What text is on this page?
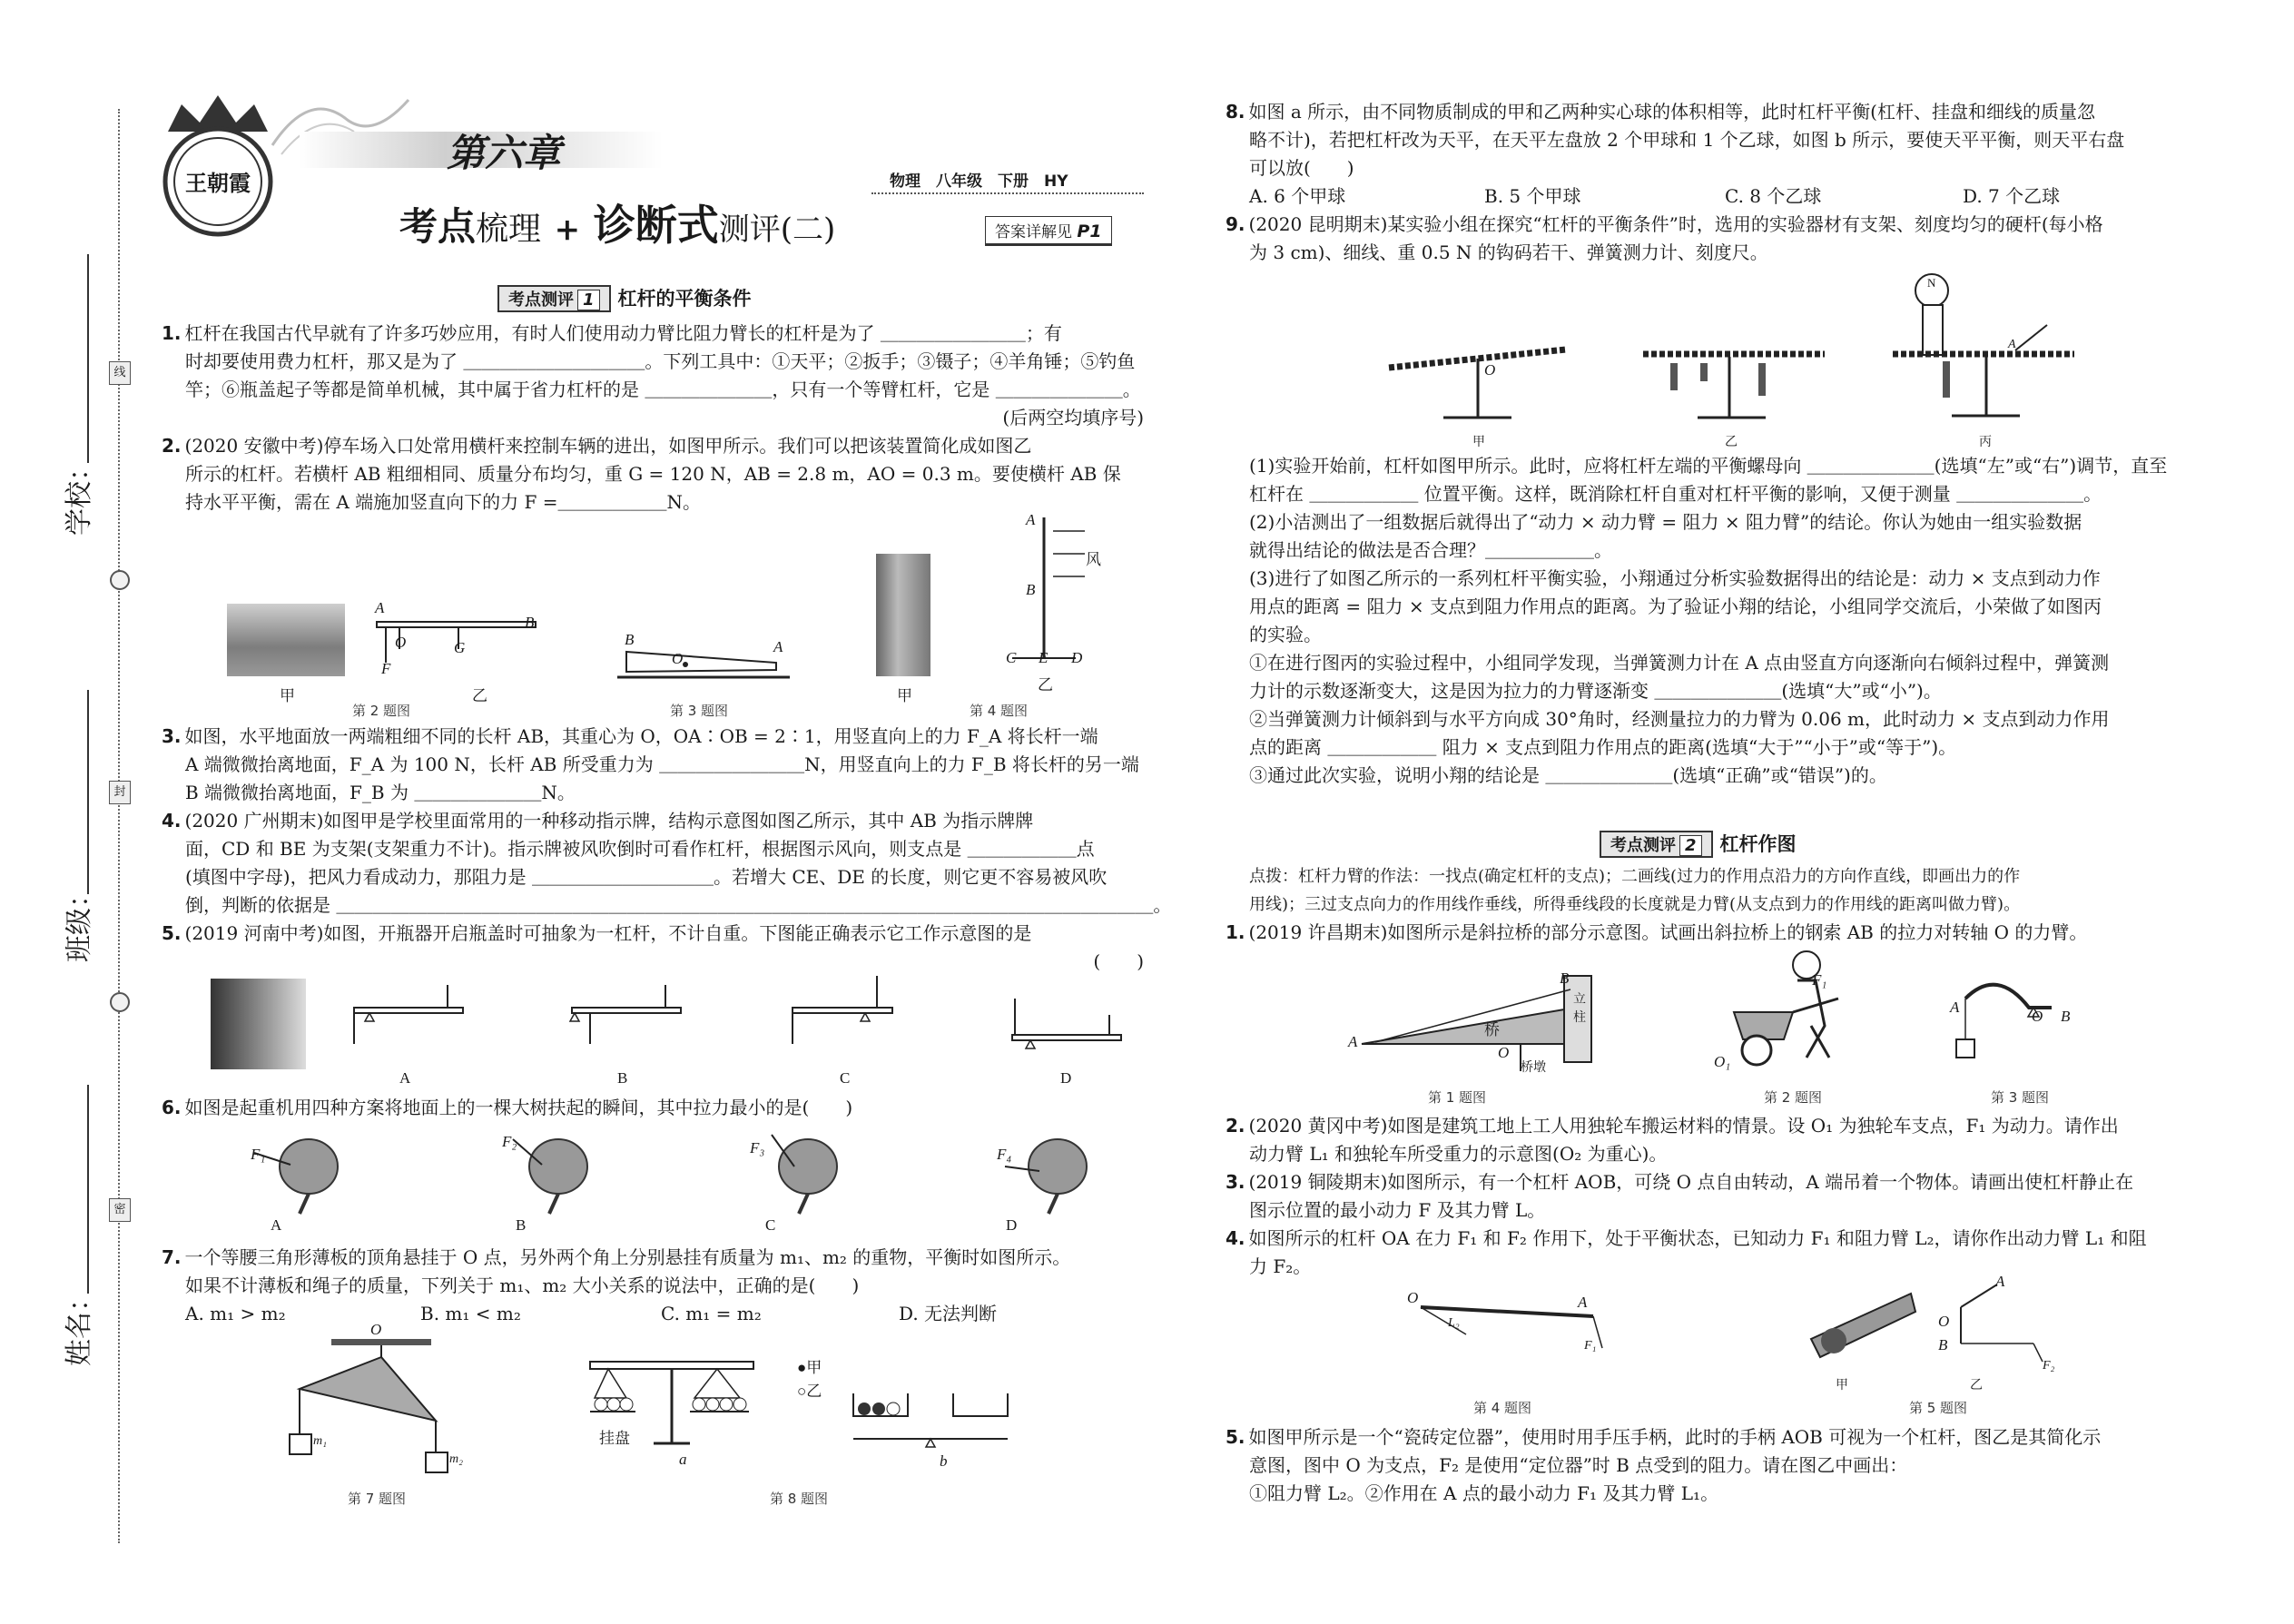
线
封
密
学校：
班级：
姓名：
王朝霞
第六章
考点梳理 + 诊断式测评(二)
物理　八年级　下册　HY
答案详解见 P1
考点测评 1 杠杆的平衡条件
1. 杠杆在我国古代早就有了许多巧妙应用，有时人们使用动力臂比阻力臂长的杠杆是为了 ＿＿＿＿＿＿＿＿；有
时却要使用费力杠杆，那又是为了 ＿＿＿＿＿＿＿＿＿＿。下列工具中：①天平；②扳手；③镊子；④羊角锤；⑤钓鱼
竿；⑥瓶盖起子等都是简单机械，其中属于省力杠杆的是 ＿＿＿＿＿＿＿，只有一个等臂杠杆，它是 ＿＿＿＿＿＿＿。
(后两空均填序号)
2. (2020 安徽中考)停车场入口处常用横杆来控制车辆的进出，如图甲所示。我们可以把该装置简化成如图乙
所示的杠杆。若横杆 AB 粗细相同、质量分布均匀，重 G = 120 N，AB = 2.8 m，AO = 0.3 m。要使横杆 AB 保
持水平平衡，需在 A 端施加竖直向下的力 F =＿＿＿＿＿＿N。
甲
A
B
O	G
F
乙
第 2 题图
B
O
A
第 3 题图
甲
A
风
B
C E D
乙
第 4 题图
3. 如图，水平地面放一两端粗细不同的长杆 AB，其重心为 O，OA∶OB = 2∶1，用竖直向上的力 F_A 将长杆一端
A 端微微抬离地面，F_A 为 100 N，长杆 AB 所受重力为 ＿＿＿＿＿＿＿＿N，用竖直向上的力 F_B 将长杆的另一端
B 端微微抬离地面，F_B 为 ＿＿＿＿＿＿＿N。
4. (2020 广州期末)如图甲是学校里面常用的一种移动指示牌，结构示意图如图乙所示，其中 AB 为指示牌牌
面，CD 和 BE 为支架(支架重力不计)。指示牌被风吹倒时可看作杠杆，根据图示风向，则支点是 ＿＿＿＿＿＿点
(填图中字母)，把风力看成动力，那阻力是 ＿＿＿＿＿＿＿＿＿＿。若增大 CE、DE 的长度，则它更不容易被风吹
倒，判断的依据是 ＿＿＿＿＿＿＿＿＿＿＿＿＿＿＿＿＿＿＿＿＿＿＿＿＿＿＿＿＿＿＿＿＿＿＿＿＿＿＿＿＿＿＿＿＿。
5. (2019 河南中考)如图，开瓶器开启瓶盖时可抽象为一杠杆，不计自重。下图能正确表示它工作示意图的是
(　　)
A	B	C	D
6. 如图是起重机用四种方案将地面上的一棵大树扶起的瞬间，其中拉力最小的是(　　)
F₁
F₂	F₃	F₄
A	B	C	D
7. 一个等腰三角形薄板的顶角悬挂于 O 点，另外两个角上分别悬挂有质量为 m₁、m₂ 的重物，平衡时如图所示。
如果不计薄板和绳子的质量，下列关于 m₁、m₂ 大小关系的说法中，正确的是(　　)
A. m₁ > m₂	B. m₁ < m₂	C. m₁ = m₂	D. 无法判断
O
m₁
m₂
第 7 题图
挂盘
a
●甲
○乙
b
第 8 题图
8. 如图 a 所示，由不同物质制成的甲和乙两种实心球的体积相等，此时杠杆平衡(杠杆、挂盘和细线的质量忽
略不计)，若把杠杆改为天平，在天平左盘放 2 个甲球和 1 个乙球，如图 b 所示，要使天平平衡，则天平右盘
可以放(　　)
A. 6 个甲球	B. 5 个甲球	C. 8 个乙球	D. 7 个乙球
9. (2020 昆明期末)某实验小组在探究“杠杆的平衡条件”时，选用的实验器材有支架、刻度均匀的硬杆(每小格
为 3 cm)、细线、重 0.5 N 的钩码若干、弹簧测力计、刻度尺。
O
甲	乙
N
A
丙
(1)实验开始前，杠杆如图甲所示。此时，应将杠杆左端的平衡螺母向 ＿＿＿＿＿＿＿(选填“左”或“右”)调节，直至
杠杆在 ＿＿＿＿＿＿ 位置平衡。这样，既消除杠杆自重对杠杆平衡的影响，又便于测量 ＿＿＿＿＿＿＿。
(2)小洁测出了一组数据后就得出了“动力 × 动力臂 = 阻力 × 阻力臂”的结论。你认为她由一组实验数据
就得出结论的做法是否合理？＿＿＿＿＿＿。
(3)进行了如图乙所示的一系列杠杆平衡实验，小翔通过分析实验数据得出的结论是：动力 × 支点到动力作
用点的距离 = 阻力 × 支点到阻力作用点的距离。为了验证小翔的结论，小组同学交流后，小荣做了如图丙
的实验。
①在进行图丙的实验过程中，小组同学发现，当弹簧测力计在 A 点由竖直方向逐渐向右倾斜过程中，弹簧测
力计的示数逐渐变大，这是因为拉力的力臂逐渐变 ＿＿＿＿＿＿＿(选填“大”或“小”)。
②当弹簧测力计倾斜到与水平方向成 30°角时，经测量拉力的力臂为 0.06 m，此时动力 × 支点到动力作用
点的距离 ＿＿＿＿＿＿ 阻力 × 支点到阻力作用点的距离(选填“大于”“小于”或“等于”)。
③通过此次实验，说明小翔的结论是 ＿＿＿＿＿＿＿(选填“正确”或“错误”)的。
考点测评 2 杠杆作图
点拨：杠杆力臂的作法：一找点(确定杠杆的支点)；二画线(过力的作用点沿力的方向作直线，即画出力的作
用线)；三过支点向力的作用线作垂线，所得垂线段的长度就是力臂(从支点到力的作用线的距离叫做力臂)。
1. (2019 许昌期末)如图所示是斜拉桥的部分示意图。试画出斜拉桥上的钢索 AB 的拉力对转轴 O 的力臂。
A
B
桥
立
柱
O
桥墩
第 1 题图
F₁
O₁
第 2 题图
A
O B
第 3 题图
2. (2020 黄冈中考)如图是建筑工地上工人用独轮车搬运材料的情景。设 O₁ 为独轮车支点，F₁ 为动力。请作出
动力臂 L₁ 和独轮车所受重力的示意图(O₂ 为重心)。
3. (2019 铜陵期末)如图所示，有一个杠杆 AOB，可绕 O 点自由转动，A 端吊着一个物体。请画出使杠杆静止在
图示位置的最小动力 F 及其力臂 L。
4. 如图所示的杠杆 OA 在力 F₁ 和 F₂ 作用下，处于平衡状态，已知动力 F₁ 和阻力臂 L₂，请你作出动力臂 L₁ 和阻
力 F₂。
O
L₂
A
F₁
第 4 题图
甲
A
O
B
F₂
乙
第 5 题图
5. 如图甲所示是一个“瓷砖定位器”，使用时用手压手柄，此时的手柄 AOB 可视为一个杠杆，图乙是其简化示
意图，图中 O 为支点，F₂ 是使用“定位器”时 B 点受到的阻力。请在图乙中画出：
①阻力臂 L₂。②作用在 A 点的最小动力 F₁ 及其力臂 L₁。
